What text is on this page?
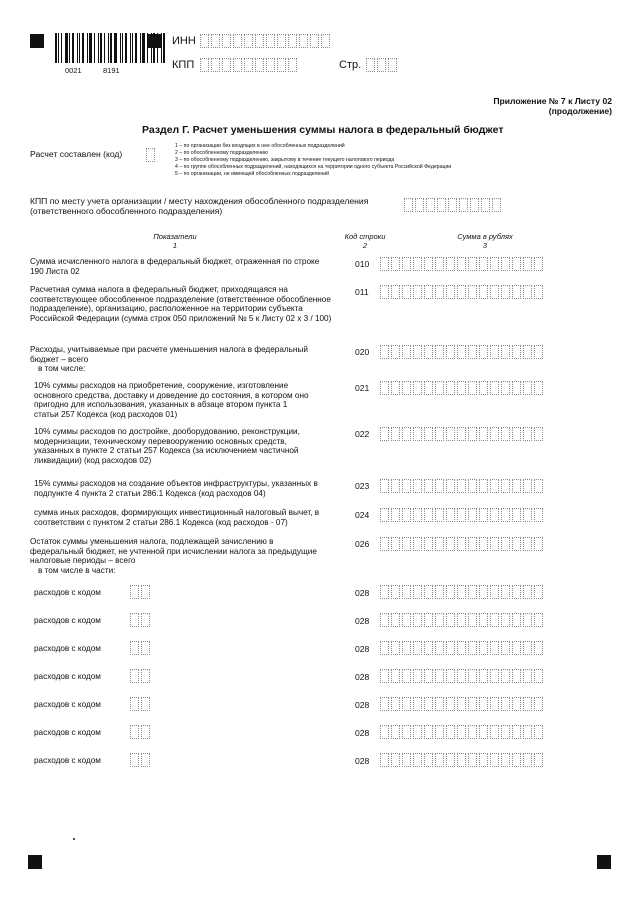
0021	8191
ИНН
КПП	Стр.
Приложение № 7 к Листу 02
(продолжение)
Раздел Г. Расчет уменьшения суммы налога в федеральный бюджет
Расчет составлен (код)
1 – по организации без входящих в нее обособленных подразделений
2 – по обособленному подразделению
3 – по обособленному подразделению, закрытому в течение текущего налогового периода
4 – по группе обособленных подразделений, находящихся на территории одного субъекта Российской Федерации
5 – по организации, не имеющей обособленных подразделений
КПП по месту учета организации / месту нахождения обособленного подразделения (ответственного обособленного подразделения)
Показатели
1
Код строки
2
Сумма в рублях
3
Сумма исчисленного налога в федеральный бюджет, отраженная по строке 190 Листа 02
010
Расчетная сумма налога в федеральный бюджет, приходящаяся на соответствующее обособленное подразделение (ответственное обособленное подразделение), организацию, расположенное на территории субъекта Российской Федерации (сумма строк 050 приложений № 5 к Листу 02 x 3 / 100)
011
Расходы, учитываемые при расчете уменьшения налога в федеральный бюджет – всего
в том числе:
020
10% суммы расходов на приобретение, сооружение, изготовление основного средства, доставку и доведение до состояния, в котором оно пригодно для использования, указанных в абзаце втором пункта 1 статьи 257 Кодекса (код расходов 01)
021
10% суммы расходов по достройке, дооборудованию, реконструкции, модернизации, техническому перевооружению основных средств, указанных в пункте 2 статьи 257 Кодекса (за исключением частичной ликвидации) (код расходов 02)
022
15% суммы расходов на создание объектов инфраструктуры, указанных в подпункте 4 пункта 2 статьи 286.1 Кодекса (код расходов 04)
023
сумма иных расходов, формирующих инвестиционный налоговый вычет, в соответствии с пунктом 2 статьи 286.1 Кодекса (код расходов - 07)
024
Остаток суммы уменьшения налога, подлежащей зачислению в федеральный бюджет, не учтенной при исчислении налога за предыдущие налоговые периоды – всего
в том числе в части:
026
расходов с кодом	028
расходов с кодом	028
расходов с кодом	028
расходов с кодом	028
расходов с кодом	028
расходов с кодом	028
расходов с кодом	028
